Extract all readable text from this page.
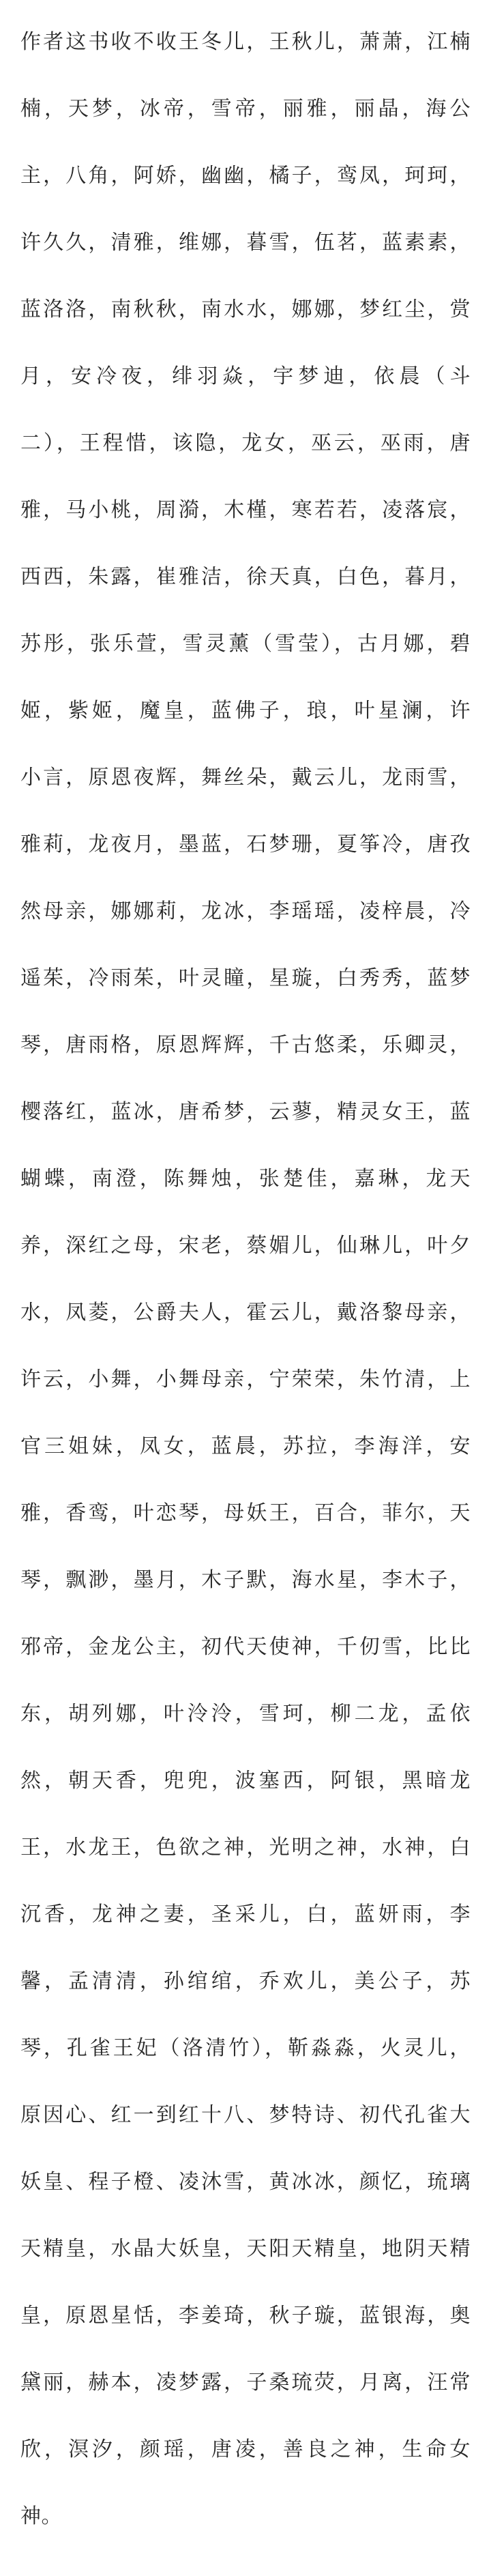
作者这书收不收王冬儿，王秋儿，萧萧，江楠
楠，天梦，冰帝，雪帝，丽雅，丽晶，海公
主，八角，阿娇，幽幽，橘子，鸾凤，珂珂，
许久久，清雅，维娜，暮雪，伍茗，蓝素素，
蓝洛洛，南秋秋，南水水，娜娜，梦红尘，赏
月，安冷夜，绯羽焱，宇梦迪，依晨（斗
二），王程惜，该隐，龙女，巫云，巫雨，唐
雅，马小桃，周漪，木槿，寒若若，凌落宸，
西西，朱露，崔雅洁，徐天真，白色，暮月，
苏彤，张乐萱，雪灵薰（雪莹），古月娜，碧
姬，紫姬，魔皇，蓝佛子，琅，叶星澜，许
小言，原恩夜辉，舞丝朵，戴云儿，龙雨雪，
雅莉，龙夜月，墨蓝，石梦珊，夏筝冷，唐孜
然母亲，娜娜莉，龙冰，李瑶瑶，凌梓晨，冷
遥茱，冷雨茱，叶灵瞳，星璇，白秀秀，蓝梦
琴，唐雨格，原恩辉辉，千古悠柔，乐卿灵，
樱落红，蓝冰，唐希梦，云蓼，精灵女王，蓝
蝴蝶，南澄，陈舞烛，张楚佳，嘉琳，龙天
养，深红之母，宋老，蔡媚儿，仙琳儿，叶夕
水，凤菱，公爵夫人，霍云儿，戴洛黎母亲，
许云，小舞，小舞母亲，宁荣荣，朱竹清，上
官三姐妹，凤女，蓝晨，苏拉，李海洋，安
雅，香鸾，叶恋琴，母妖王，百合，菲尔，天
琴，飘渺，墨月，木子默，海水星，李木子，
邪帝，金龙公主，初代天使神，千仞雪，比比
东，胡列娜，叶泠泠，雪珂，柳二龙，孟依
然，朝天香，兜兜，波塞西，阿银，黑暗龙
王，水龙王，色欲之神，光明之神，水神，白
沉香，龙神之妻，圣采儿，白，蓝妍雨，李
馨，孟清清，孙绾绾，乔欢儿，美公子，苏
琴，孔雀王妃（洛清竹），靳淼淼，火灵儿，
原因心、红一到红十八、梦特诗、初代孔雀大
妖皇、程子橙、凌沐雪，黄冰冰，颜忆，琉璃
天精皇，水晶大妖皇，天阳天精皇，地阴天精
皇，原恩星恬，李姜琦，秋子璇，蓝银海，奥
黛丽，赫本，凌梦露，子桑琉荧，月离，汪常
欣，溟汐，颜瑶，唐凌，善良之神，生命女
神。
